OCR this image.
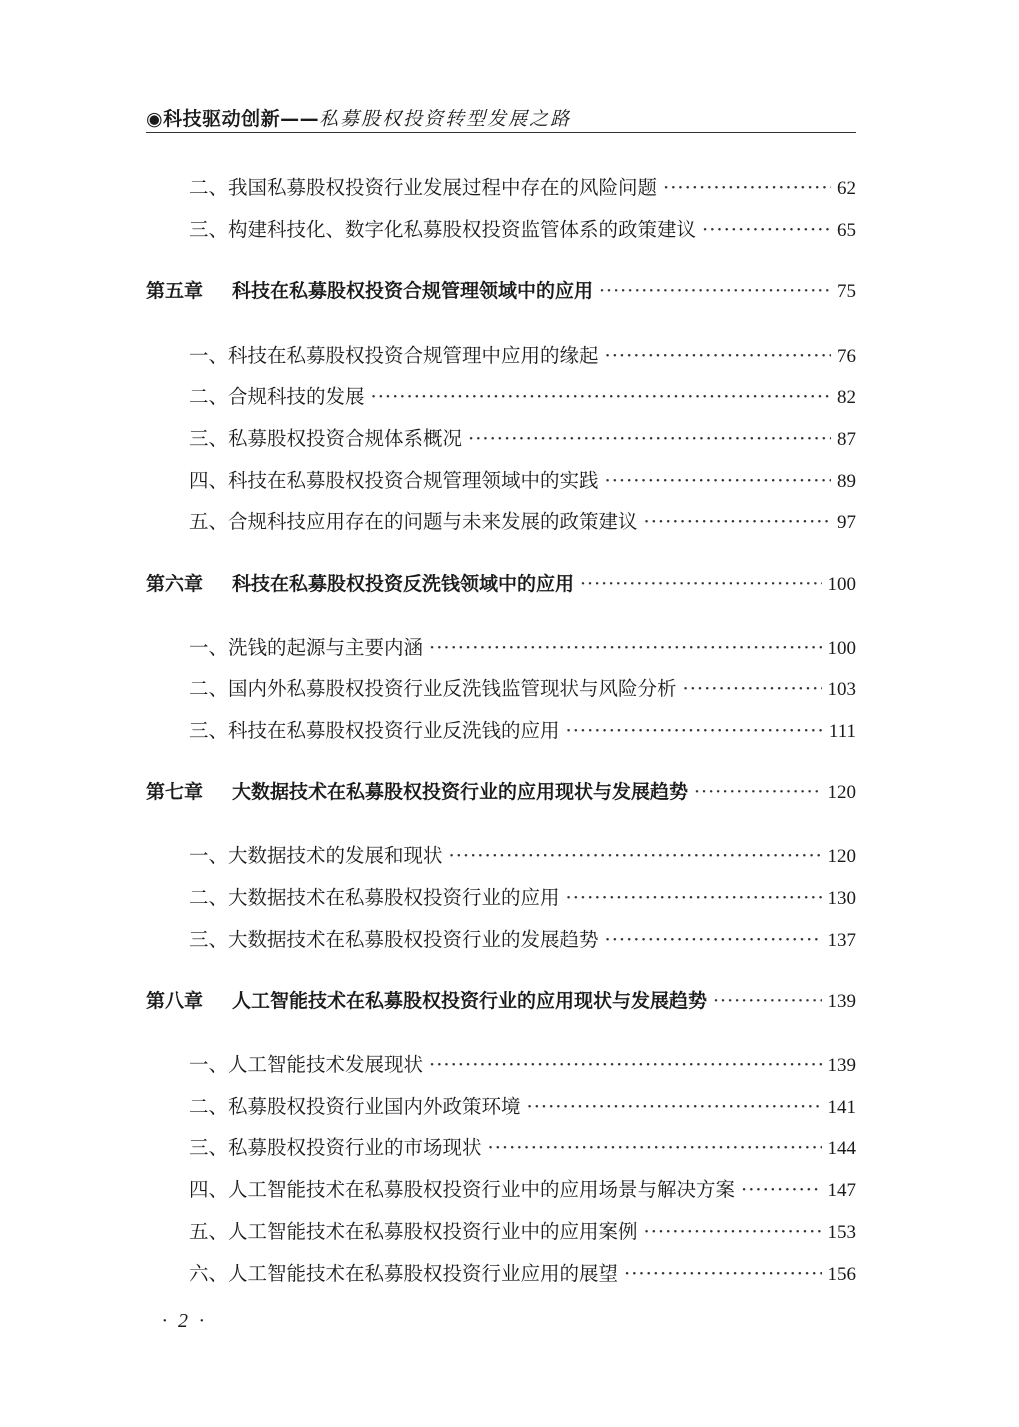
◉科技驱动创新——私募股权投资转型发展之路
二、我国私募股权投资行业发展过程中存在的风险问题 ·····	62
三、构建科技化、数字化私募股权投资监管体系的政策建议 ·····	65
第五章	科技在私募股权投资合规管理领域中的应用 ·····	75
一、科技在私募股权投资合规管理中应用的缘起 ·····	76
二、合规科技的发展 ·····	82
三、私募股权投资合规体系概况 ·····	87
四、科技在私募股权投资合规管理领域中的实践 ·····	89
五、合规科技应用存在的问题与未来发展的政策建议 ·····	97
第六章	科技在私募股权投资反洗钱领域中的应用 ·····	100
一、洗钱的起源与主要内涵 ·····	100
二、国内外私募股权投资行业反洗钱监管现状与风险分析 ·····	103
三、科技在私募股权投资行业反洗钱的应用 ·····	111
第七章	大数据技术在私募股权投资行业的应用现状与发展趋势 ·····	120
一、大数据技术的发展和现状 ·····	120
二、大数据技术在私募股权投资行业的应用 ·····	130
三、大数据技术在私募股权投资行业的发展趋势 ·····	137
第八章	人工智能技术在私募股权投资行业的应用现状与发展趋势 ·····	139
一、人工智能技术发展现状 ·····	139
二、私募股权投资行业国内外政策环境 ·····	141
三、私募股权投资行业的市场现状 ·····	144
四、人工智能技术在私募股权投资行业中的应用场景与解决方案 ·····	147
五、人工智能技术在私募股权投资行业中的应用案例 ·····	153
六、人工智能技术在私募股权投资行业应用的展望 ·····	156
· 2 ·
